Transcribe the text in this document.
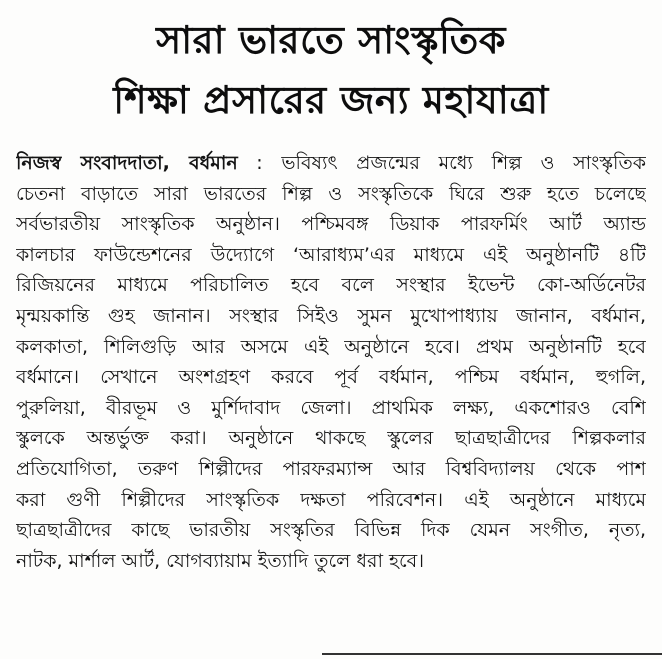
সারা ভারতে সাংস্কৃতিক
শিক্ষা প্রসারের জন্য মহাযাত্রা
নিজস্ব সংবাদদাতা, বর্ধমান : ভবিষ্যৎ প্রজন্মের মধ্যে শিল্প ও সাংস্কৃতিক
চেতনা বাড়াতে সারা ভারতের শিল্প ও সংস্কৃতিকে ঘিরে শুরু হতে চলেছে
সর্বভারতীয় সাংস্কৃতিক অনুষ্ঠান। পশ্চিমবঙ্গ ডিয়াক পারফর্মিং আর্ট অ্যান্ড
কালচার ফাউন্ডেশনের উদ্যোগে ‘আরাধ্যম’এর মাধ্যমে এই অনুষ্ঠানটি ৪টি
রিজিয়নের মাধ্যমে পরিচালিত হবে বলে সংস্থার ইভেন্ট কো-অর্ডিনেটর
মৃন্ময়কান্তি গুহ জানান। সংস্থার সিইও সুমন মুখোপাধ্যায় জানান, বর্ধমান,
কলকাতা, শিলিগুড়ি আর অসমে এই অনুষ্ঠানে হবে। প্রথম অনুষ্ঠানটি হবে
বর্ধমানে। সেখানে অংশগ্রহণ করবে পূর্ব বর্ধমান, পশ্চিম বর্ধমান, হুগলি,
পুরুলিয়া, বীরভূম ও মুর্শিদাবাদ জেলা। প্রাথমিক লক্ষ্য, একশোরও বেশি
স্কুলকে অন্তর্ভুক্ত করা। অনুষ্ঠানে থাকছে স্কুলের ছাত্রছাত্রীদের শিল্পকলার
প্রতিযোগিতা, তরুণ শিল্পীদের পারফরম্যান্স আর বিশ্ববিদ্যালয় থেকে পাশ
করা গুণী শিল্পীদের সাংস্কৃতিক দক্ষতা পরিবেশন। এই অনুষ্ঠানে মাধ্যমে
ছাত্রছাত্রীদের কাছে ভারতীয় সংস্কৃতির বিভিন্ন দিক যেমন সংগীত, নৃত্য,
নাটক, মার্শাল আর্ট, যোগব্যায়াম ইত্যাদি তুলে ধরা হবে।
